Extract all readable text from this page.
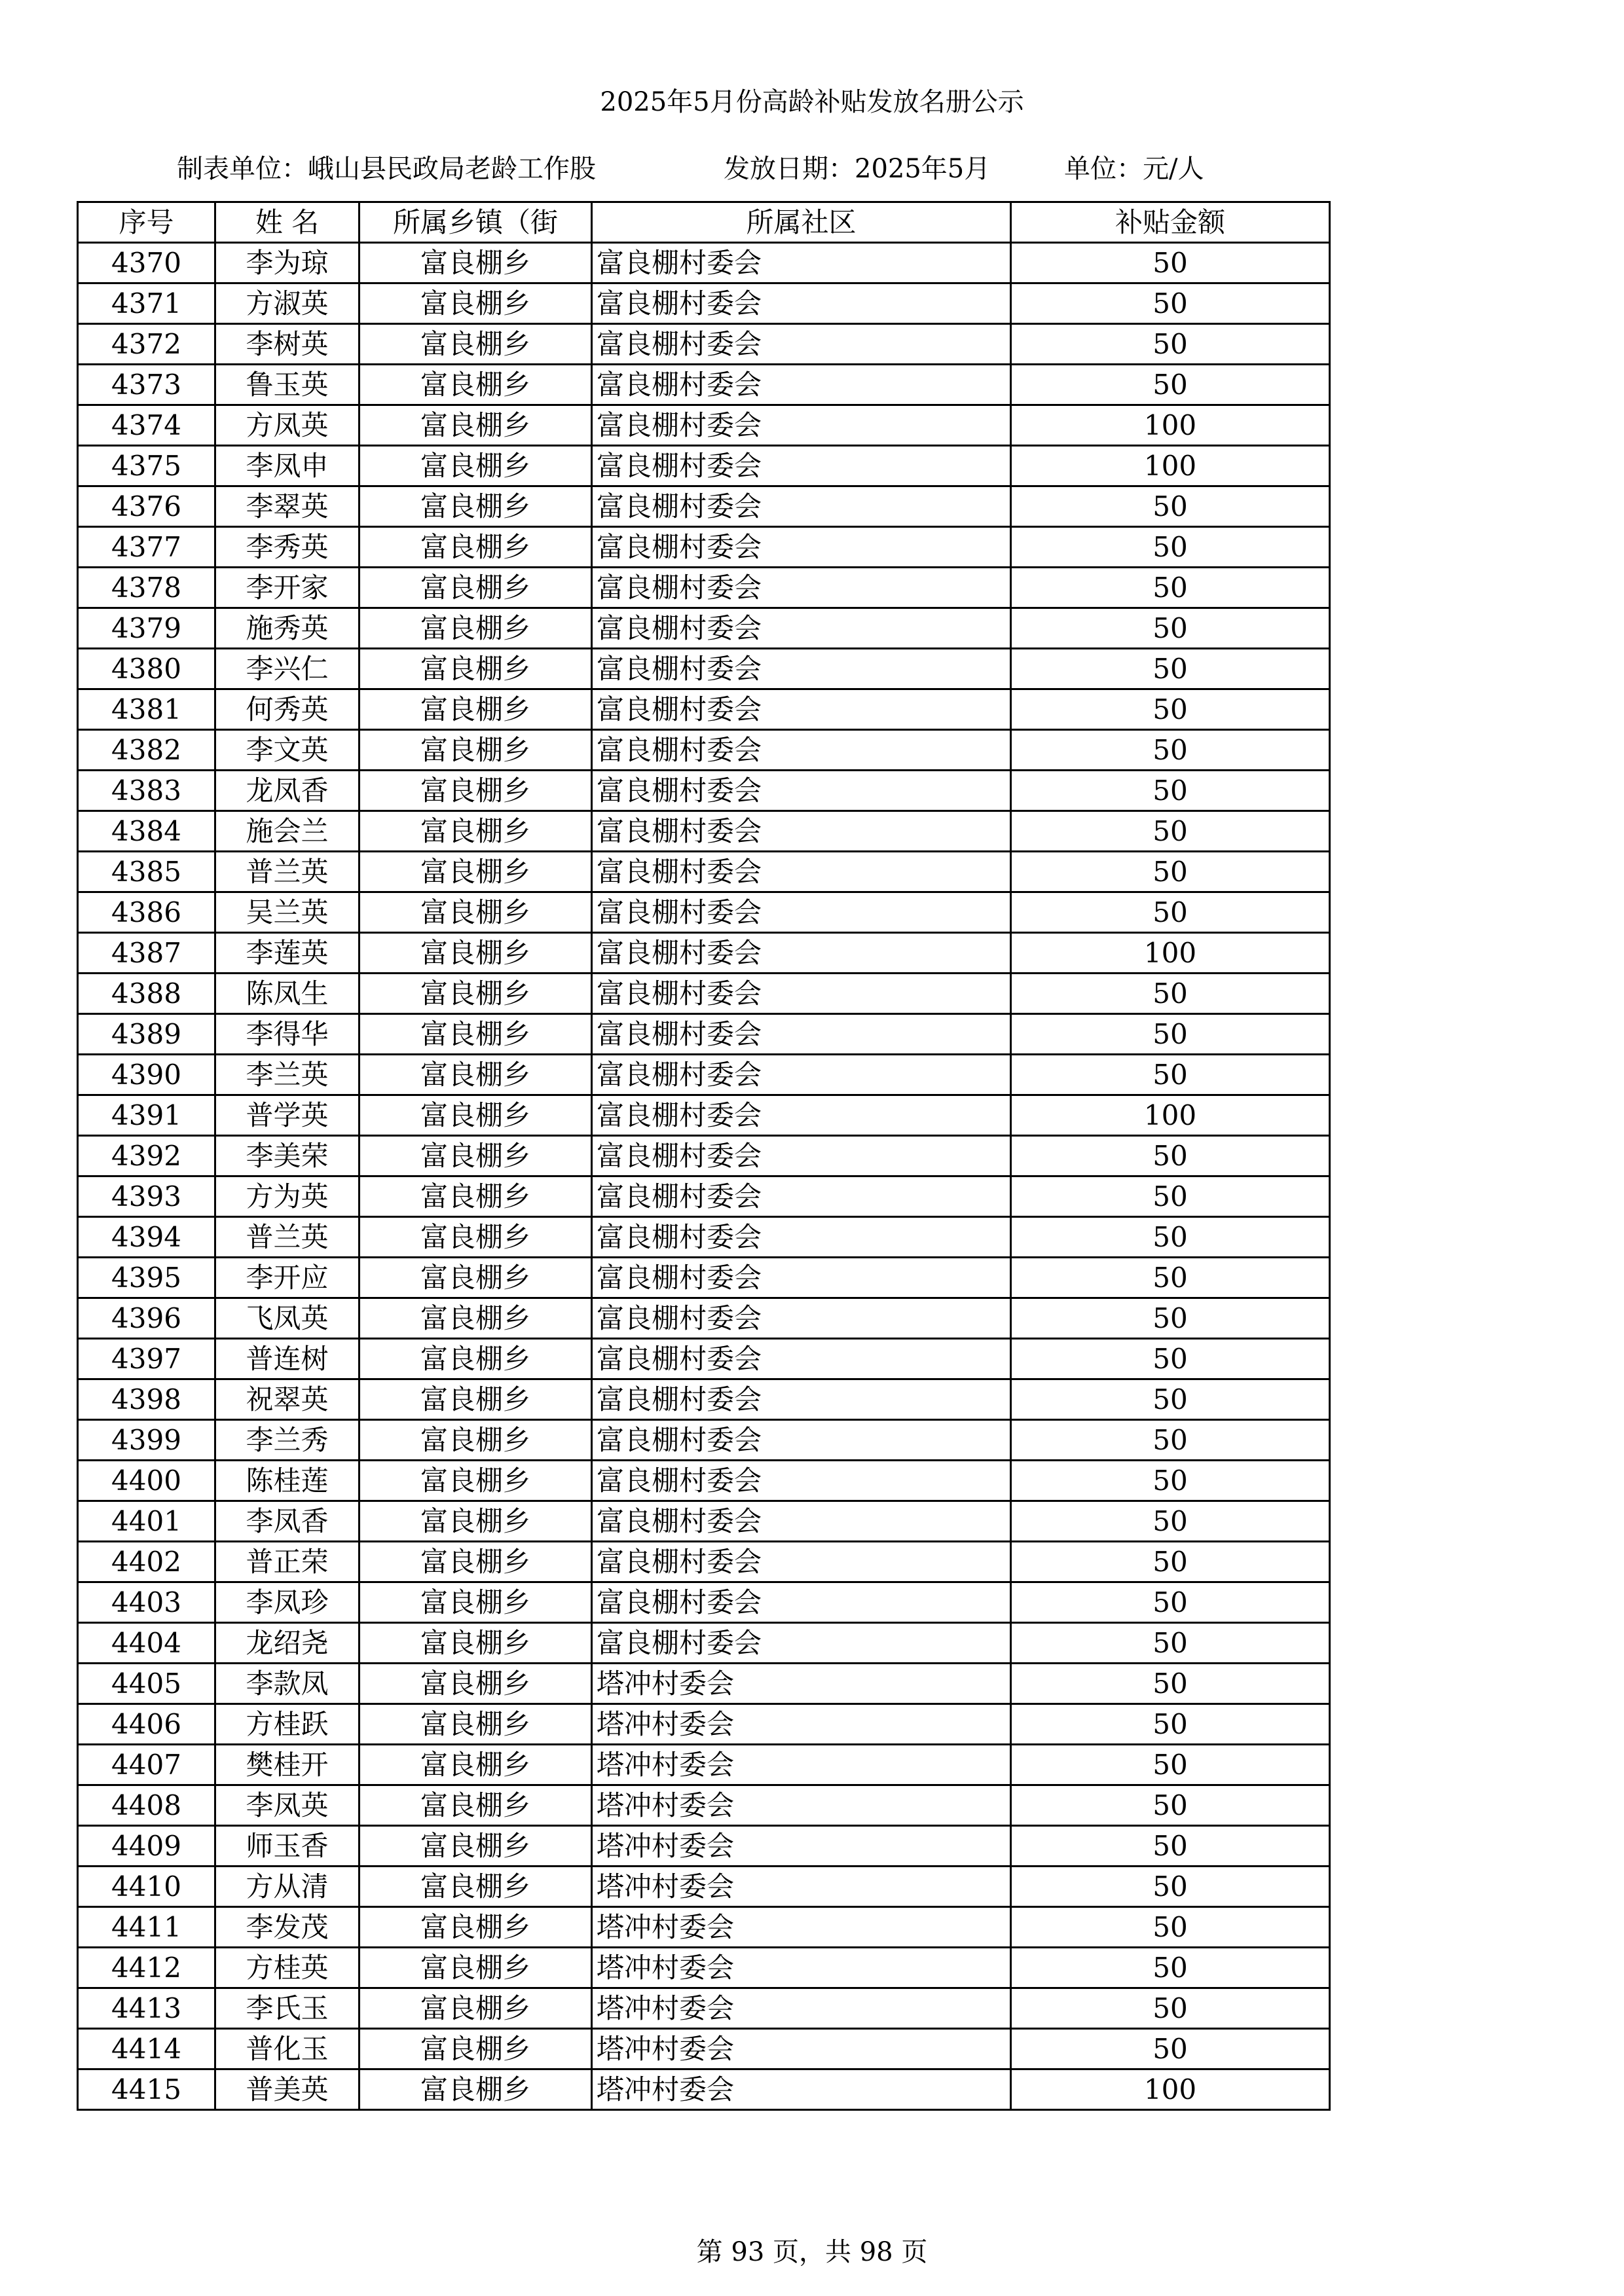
2025年5月份高龄补贴发放名册公示
制表单位：峨山县民政局老龄工作股	发放日期：2025年5月	单位：元/人
序号	姓 名	所属乡镇（街	所属社区	补贴金额
4370	李为琼	富良棚乡	富良棚村委会	50
4371	方淑英	富良棚乡	富良棚村委会	50
4372	李树英	富良棚乡	富良棚村委会	50
4373	鲁玉英	富良棚乡	富良棚村委会	50
4374	方凤英	富良棚乡	富良棚村委会	100
4375	李凤申	富良棚乡	富良棚村委会	100
4376	李翠英	富良棚乡	富良棚村委会	50
4377	李秀英	富良棚乡	富良棚村委会	50
4378	李开家	富良棚乡	富良棚村委会	50
4379	施秀英	富良棚乡	富良棚村委会	50
4380	李兴仁	富良棚乡	富良棚村委会	50
4381	何秀英	富良棚乡	富良棚村委会	50
4382	李文英	富良棚乡	富良棚村委会	50
4383	龙凤香	富良棚乡	富良棚村委会	50
4384	施会兰	富良棚乡	富良棚村委会	50
4385	普兰英	富良棚乡	富良棚村委会	50
4386	吴兰英	富良棚乡	富良棚村委会	50
4387	李莲英	富良棚乡	富良棚村委会	100
4388	陈凤生	富良棚乡	富良棚村委会	50
4389	李得华	富良棚乡	富良棚村委会	50
4390	李兰英	富良棚乡	富良棚村委会	50
4391	普学英	富良棚乡	富良棚村委会	100
4392	李美荣	富良棚乡	富良棚村委会	50
4393	方为英	富良棚乡	富良棚村委会	50
4394	普兰英	富良棚乡	富良棚村委会	50
4395	李开应	富良棚乡	富良棚村委会	50
4396	飞凤英	富良棚乡	富良棚村委会	50
4397	普连树	富良棚乡	富良棚村委会	50
4398	祝翠英	富良棚乡	富良棚村委会	50
4399	李兰秀	富良棚乡	富良棚村委会	50
4400	陈桂莲	富良棚乡	富良棚村委会	50
4401	李凤香	富良棚乡	富良棚村委会	50
4402	普正荣	富良棚乡	富良棚村委会	50
4403	李凤珍	富良棚乡	富良棚村委会	50
4404	龙绍尧	富良棚乡	富良棚村委会	50
4405	李款凤	富良棚乡	塔冲村委会	50
4406	方桂跃	富良棚乡	塔冲村委会	50
4407	樊桂开	富良棚乡	塔冲村委会	50
4408	李凤英	富良棚乡	塔冲村委会	50
4409	师玉香	富良棚乡	塔冲村委会	50
4410	方从清	富良棚乡	塔冲村委会	50
4411	李发茂	富良棚乡	塔冲村委会	50
4412	方桂英	富良棚乡	塔冲村委会	50
4413	李氏玉	富良棚乡	塔冲村委会	50
4414	普化玉	富良棚乡	塔冲村委会	50
4415	普美英	富良棚乡	塔冲村委会	100
第 93 页，共 98 页
